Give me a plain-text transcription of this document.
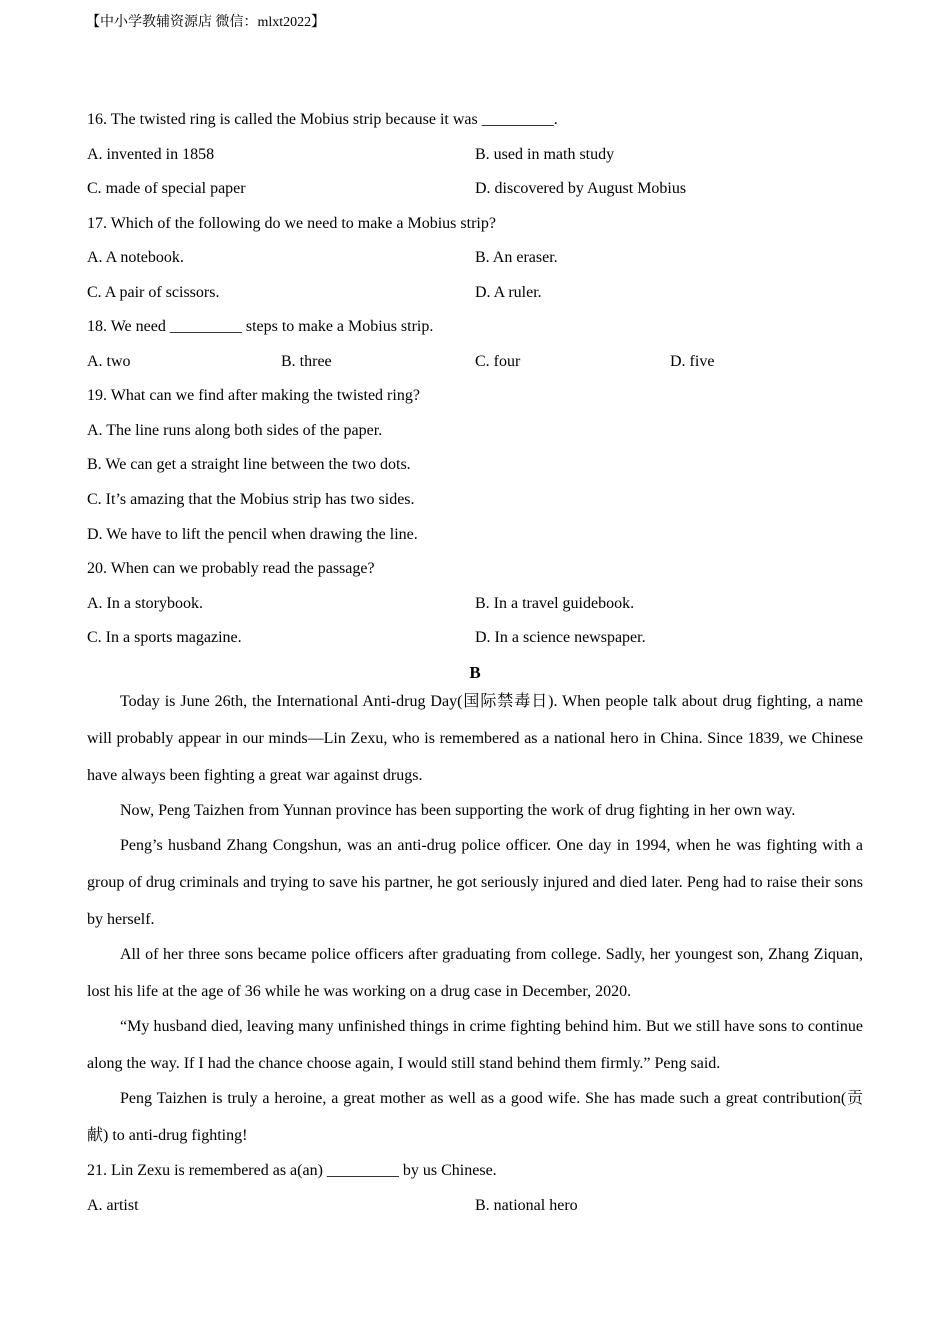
【中小学教辅资源店 微信：mlxt2022】
16. The twisted ring is called the Mobius strip because it was _________.
A. invented in 1858	B. used in math study
C. made of special paper	D. discovered by August Mobius
17. Which of the following do we need to make a Mobius strip?
A. A notebook.	B. An eraser.
C. A pair of scissors.	D. A ruler.
18. We need _________ steps to make a Mobius strip.
A. two	B. three	C. four	D. five
19. What can we find after making the twisted ring?
A. The line runs along both sides of the paper.
B. We can get a straight line between the two dots.
C. It’s amazing that the Mobius strip has two sides.
D. We have to lift the pencil when drawing the line.
20. When can we probably read the passage?
A. In a storybook.	B. In a travel guidebook.
C. In a sports magazine.	D. In a science newspaper.
B
Today is June 26th, the International Anti-drug Day(国际禁毒日). When people talk about drug fighting, a name will probably appear in our minds—Lin Zexu, who is remembered as a national hero in China. Since 1839, we Chinese have always been fighting a great war against drugs.
Now, Peng Taizhen from Yunnan province has been supporting the work of drug fighting in her own way.
Peng’s husband Zhang Congshun, was an anti-drug police officer. One day in 1994, when he was fighting with a group of drug criminals and trying to save his partner, he got seriously injured and died later. Peng had to raise their sons by herself.
All of her three sons became police officers after graduating from college. Sadly, her youngest son, Zhang Ziquan, lost his life at the age of 36 while he was working on a drug case in December, 2020.
“My husband died, leaving many unfinished things in crime fighting behind him. But we still have sons to continue along the way. If I had the chance choose again, I would still stand behind them firmly.” Peng said.
Peng Taizhen is truly a heroine, a great mother as well as a good wife. She has made such a great contribution(贡献) to anti-drug fighting!
21. Lin Zexu is remembered as a(an) _________ by us Chinese.
A. artist	B. national hero
